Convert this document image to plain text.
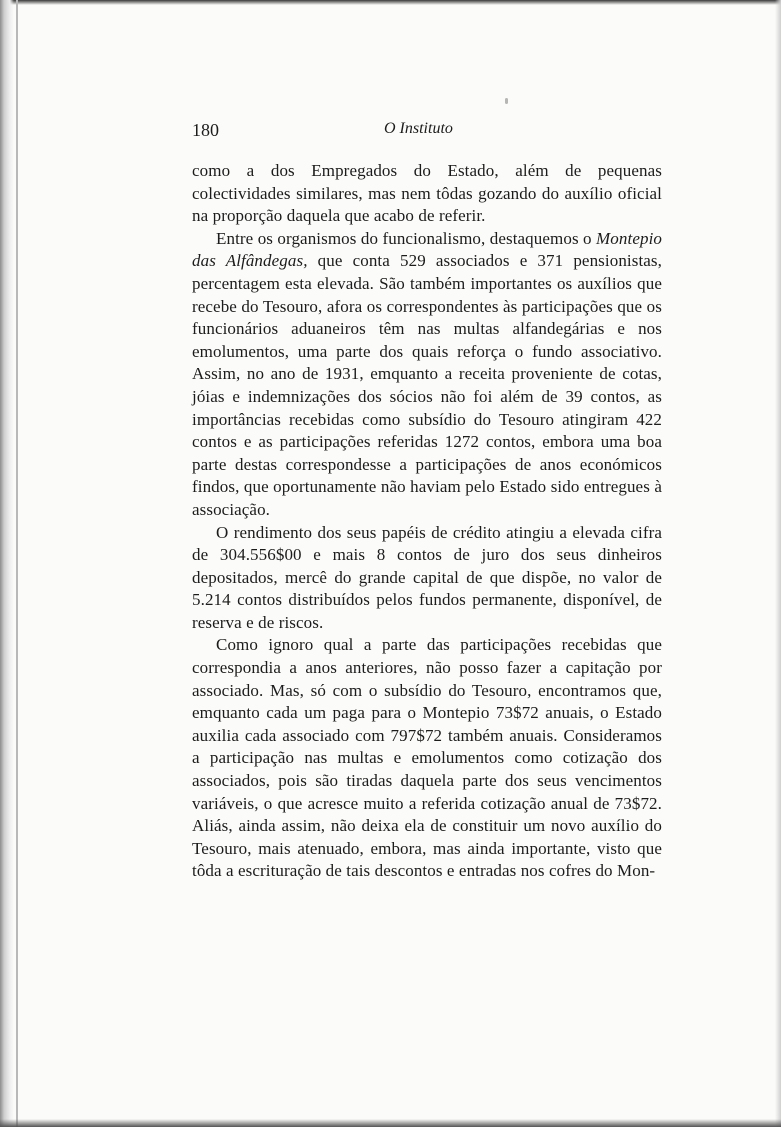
180	O Instituto

como a dos Empregados do Estado, além de pequenas colectividades similares, mas nem tôdas gozando do auxílio oficial na proporção daquela que acabo de referir.

Entre os organismos do funcionalismo, destaquemos o Montepio das Alfândegas, que conta 529 associados e 371 pensionistas, percentagem esta elevada. São também importantes os auxílios que recebe do Tesouro, afora os correspondentes às participações que os funcionários aduaneiros têm nas multas alfandegárias e nos emolumentos, uma parte dos quais reforça o fundo associativo. Assim, no ano de 1931, emquanto a receita proveniente de cotas, jóias e indemnizações dos sócios não foi além de 39 contos, as importâncias recebidas como subsídio do Tesouro atingiram 422 contos e as participações referidas 1272 contos, embora uma boa parte destas correspondesse a participações de anos económicos findos, que oportunamente não haviam pelo Estado sido entregues à associação.

O rendimento dos seus papéis de crédito atingiu a elevada cifra de 304.556$00 e mais 8 contos de juro dos seus dinheiros depositados, mercê do grande capital de que dispõe, no valor de 5.214 contos distribuídos pelos fundos permanente, disponível, de reserva e de riscos.

Como ignoro qual a parte das participações recebidas que correspondia a anos anteriores, não posso fazer a capitação por associado. Mas, só com o subsídio do Tesouro, encontramos que, emquanto cada um paga para o Montepio 73$72 anuais, o Estado auxilia cada associado com 797$72 também anuais. Consideramos a participação nas multas e emolumentos como cotização dos associados, pois são tiradas daquela parte dos seus vencimentos variáveis, o que acresce muito a referida cotização anual de 73$72. Aliás, ainda assim, não deixa ela de constituir um novo auxílio do Tesouro, mais atenuado, embora, mas ainda importante, visto que tôda a escrituração de tais descontos e entradas nos cofres do Mon-
